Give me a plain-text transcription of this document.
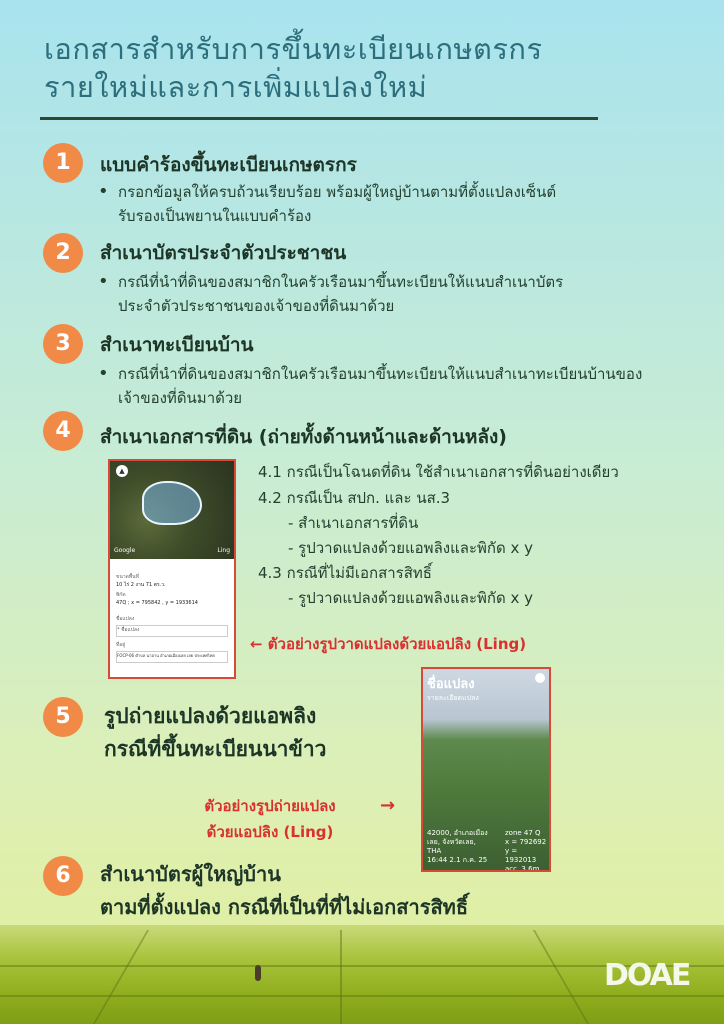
เอกสารสำหรับการขึ้นทะเบียนเกษตรกร
รายใหม่และการเพิ่มแปลงใหม่
1	แบบคำร้องขึ้นทะเบียนเกษตรกร
• กรอกข้อมูลให้ครบถ้วนเรียบร้อย พร้อมผู้ใหญ่บ้านตามที่ตั้งแปลงเซ็นต์
รับรองเป็นพยานในแบบคำร้อง
2	สำเนาบัตรประจำตัวประชาชน
• กรณีที่นำที่ดินของสมาชิกในครัวเรือนมาขึ้นทะเบียนให้แนบสำเนาบัตร
ประจำตัวประชาชนของเจ้าของที่ดินมาด้วย
3	สำเนาทะเบียนบ้าน
• กรณีที่นำที่ดินของสมาชิกในครัวเรือนมาขึ้นทะเบียนให้แนบสำเนาทะเบียนบ้านของ
เจ้าของที่ดินมาด้วย
4	สำเนาเอกสารที่ดิน (ถ่ายทั้งด้านหน้าและด้านหลัง)
▲
Google	Ling
ขนาดพื้นที่
10 ไร่ 2 งาน 71 ตร.ว.
พิกัด
47Q ; x = 795842 , y = 1933614
ชื่อแปลง
* ชื่อแปลง
ที่อยู่
FOCP-06 ตำบล นาอาน อำเภอเมืองเลย เลย ประเทศไทย
4.1 กรณีเป็นโฉนดที่ดิน ใช้สำเนาเอกสารที่ดินอย่างเดียว
4.2 กรณีเป็น สปก. และ นส.3
- สำเนาเอกสารที่ดิน
- รูปวาดแปลงด้วยแอพลิงและพิกัด x y
4.3 กรณีที่ไม่มีเอกสารสิทธิ์
- รูปวาดแปลงด้วยแอพลิงและพิกัด x y
← ตัวอย่างรูปวาดแปลงด้วยแอปลิง (Ling)
5	รูปถ่ายแปลงด้วยแอพลิง
กรณีที่ขึ้นทะเบียนนาข้าว
ตัวอย่างรูปถ่ายแปลง
ด้วยแอปลิง (Ling)
→
ชื่อแปลง
รายละเอียดแปลง
42000, อำเภอเมือง
เลย, จังหวัดเลย,
THA
16:44 2.1 ก.ค. 25
zone 47 Q
x = 792692
y = 1932013
acc. 3.6m
6	สำเนาบัตรผู้ใหญ่บ้าน
ตามที่ตั้งแปลง กรณีที่เป็นที่ที่ไม่เอกสารสิทธิ์
DOAE
